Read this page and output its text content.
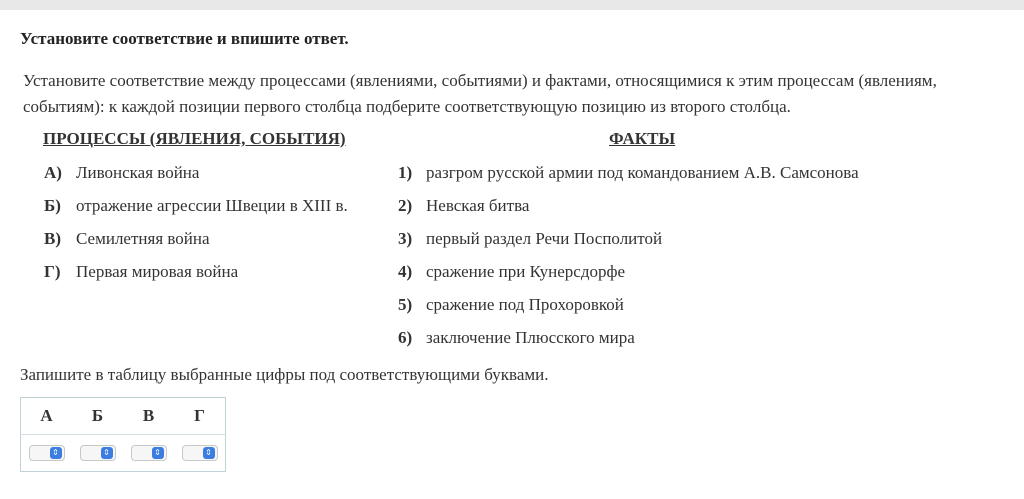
Установите соответствие и впишите ответ.
Установите соответствие между процессами (явлениями, событиями) и фактами, относящимися к этим процессам (явлениям, событиям): к каждой позиции первого столбца подберите соответствующую позицию из второго столбца.
ПРОЦЕССЫ (ЯВЛЕНИЯ, СОБЫТИЯ)	ФАКТЫ
А) Ливонская война
Б) отражение агрессии Швеции в XIII в.
В) Семилетняя война
Г) Первая мировая война
1) разгром русской армии под командованием А.В. Самсонова
2) Невская битва
3) первый раздел Речи Посполитой
4) сражение при Кунерсдорфе
5) сражение под Прохоровкой
6) заключение Плюсского мира
Запишите в таблицу выбранные цифры под соответствующими буквами.
А	Б	В	Г

⇕	⇕	⇕	⇕
